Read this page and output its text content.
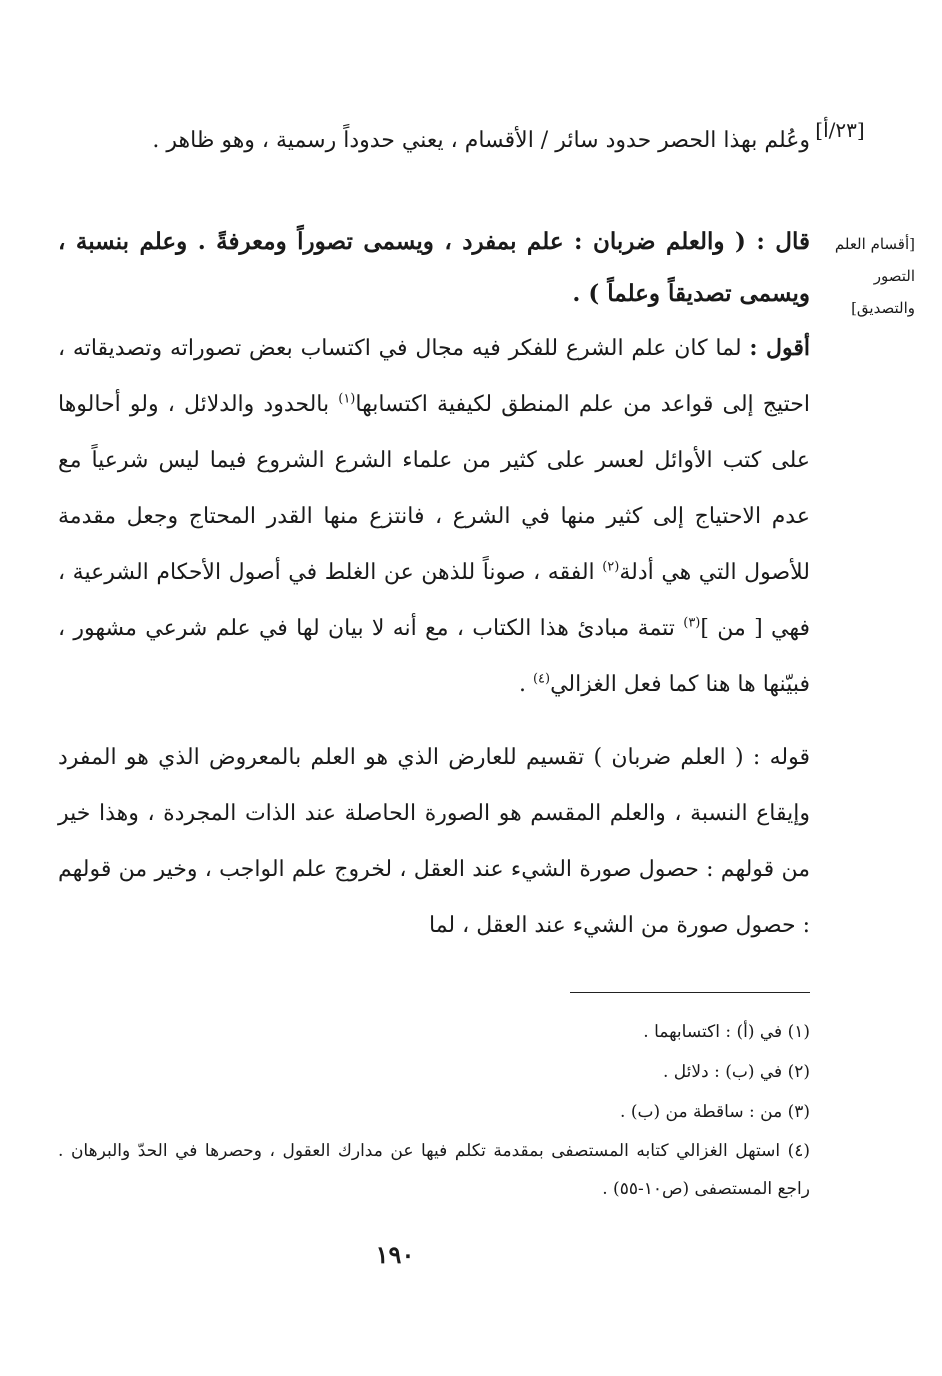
[٢٣/أ]
[أقسام العلم التصور والتصديق]

وعُلم بهذا الحصر حدود سائر / الأقسام ، يعني حدوداً رسمية ، وهو ظاهر .

قال : ( والعلم ضربان : علم بمفرد ، ويسمى تصوراً ومعرفةً . وعلم بنسبة ، ويسمى تصديقاً وعلماً ) .

أقول : لما كان علم الشرع للفكر فيه مجال في اكتساب بعض تصوراته وتصديقاته ، احتيج إلى قواعد من علم المنطق لكيفية اكتسابها$^{(١)}$ بالحدود والدلائل ، ولو أحالوها على كتب الأوائل لعسر على كثير من علماء الشرع الشروع فيما ليس شرعياً مع عدم الاحتياج إلى كثير منها في الشرع ، فانتزع منها القدر المحتاج وجعل مقدمة للأصول التي هي أدلة$^{(٢)}$ الفقه ، صوناً للذهن عن الغلط في أصول الأحكام الشرعية ، فهي [ من ]$^{(٣)}$ تتمة مبادئ هذا الكتاب ، مع أنه لا بيان لها في علم شرعي مشهور ، فبيّنها ها هنا كما فعل الغزالي$^{(٤)}$ .

قوله : ( العلم ضربان ) تقسيم للعارض الذي هو العلم بالمعروض الذي هو المفرد وإيقاع النسبة ، والعلم المقسم هو الصورة الحاصلة عند الذات المجردة ، وهذا خير من قولهم : حصول صورة الشيء عند العقل ، لخروج علم الواجب ، وخير من قولهم : حصول صورة من الشيء عند العقل ، لما

(١) في (أ) : اكتسابهما .

(٢) في (ب) : دلائل .

(٣) من : ساقطة من (ب) .

(٤) استهل الغزالي كتابه المستصفى بمقدمة تكلم فيها عن مدارك العقول ، وحصرها في الحدّ والبرهان . راجع المستصفى (ص١٠-٥٥) .

١٩٠
